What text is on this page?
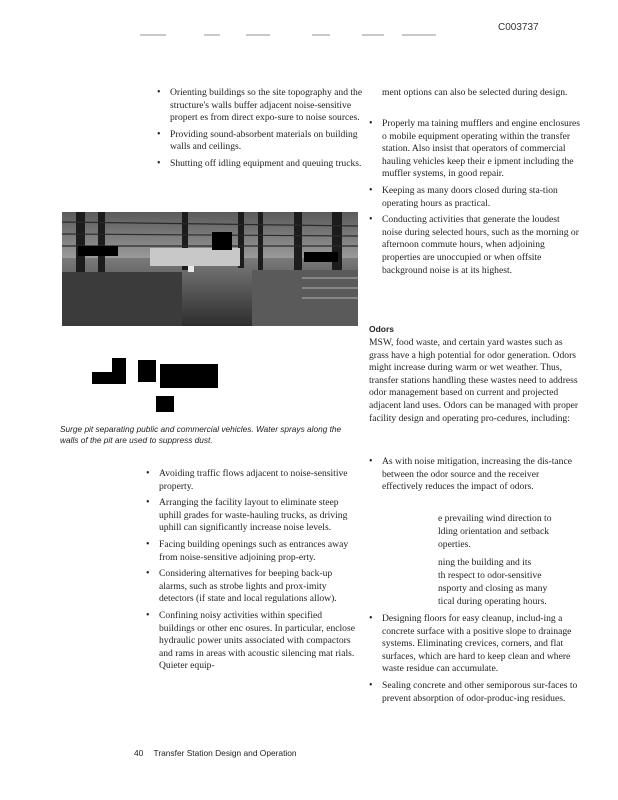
C003737
• Orienting buildings so the site topography and the structure's walls buffer adjacent noise-sensitive propert es from direct expo-sure to noise sources.
• Providing sound-absorbent materials on building walls and ceilings.
• Shutting off idling equipment and queuing trucks.

Surge pit separating public and commercial vehicles. Water sprays along the walls of the pit are used to suppress dust.

• Avoiding traffic flows adjacent to noise-sensitive property.
• Arranging the facility layout to eliminate steep uphill grades for waste-hauling trucks, as driving uphill can significantly increase noise levels.
• Facing building openings such as entrances away from noise-sensitive adjoining prop-erty.
• Considering alternatives for beeping back-up alarms, such as strobe lights and prox-imity detectors (if state and local regulations allow).
• Confining noisy activities within specified buildings or other enc osures. In particular, enclose hydraulic power units associated with compactors and rams in areas with acoustic silencing mat rials. Quieter equip-

ment options can also be selected during design.

• Properly ma taining mufflers and engine enclosures o mobile equipment operating within the transfer station. Also insist that operators of commercial hauling vehicles keep their e ipment including the muffler systems, in good repair.
• Keeping as many doors closed during sta-tion operating hours as practical.
• Conducting activities that generate the loudest noise during selected hours, such as the morning or afternoon commute hours, when adjoining properties are unoccupied or when offsite background noise is at its highest.

Odors

MSW, food waste, and certain yard wastes such as grass have a high potential for odor generation. Odors might increase during warm or wet weather. Thus, transfer stations handling these wastes need to address odor management based on current and projected adjacent land uses. Odors can be managed with proper facility design and operating pro-cedures, including:

• As with noise mitigation, increasing the dis-tance between the odor source and the receiver effectively reduces the impact of odors.

e prevailing wind direction to

lding orientation and setback

operties.

ning the building and its

th respect to odor-sensitive

nsporty and closing as many

tical during operating hours.

• Designing floors for easy cleanup, includ-ing a concrete surface with a positive slope to drainage systems. Eliminating crevices, corners, and flat surfaces, which are hard to keep clean and where waste residue can accumulate.
• Sealing concrete and other semiporous sur-faces to prevent absorption of odor-produc-ing residues.
40 Transfer Station Design and Operation
